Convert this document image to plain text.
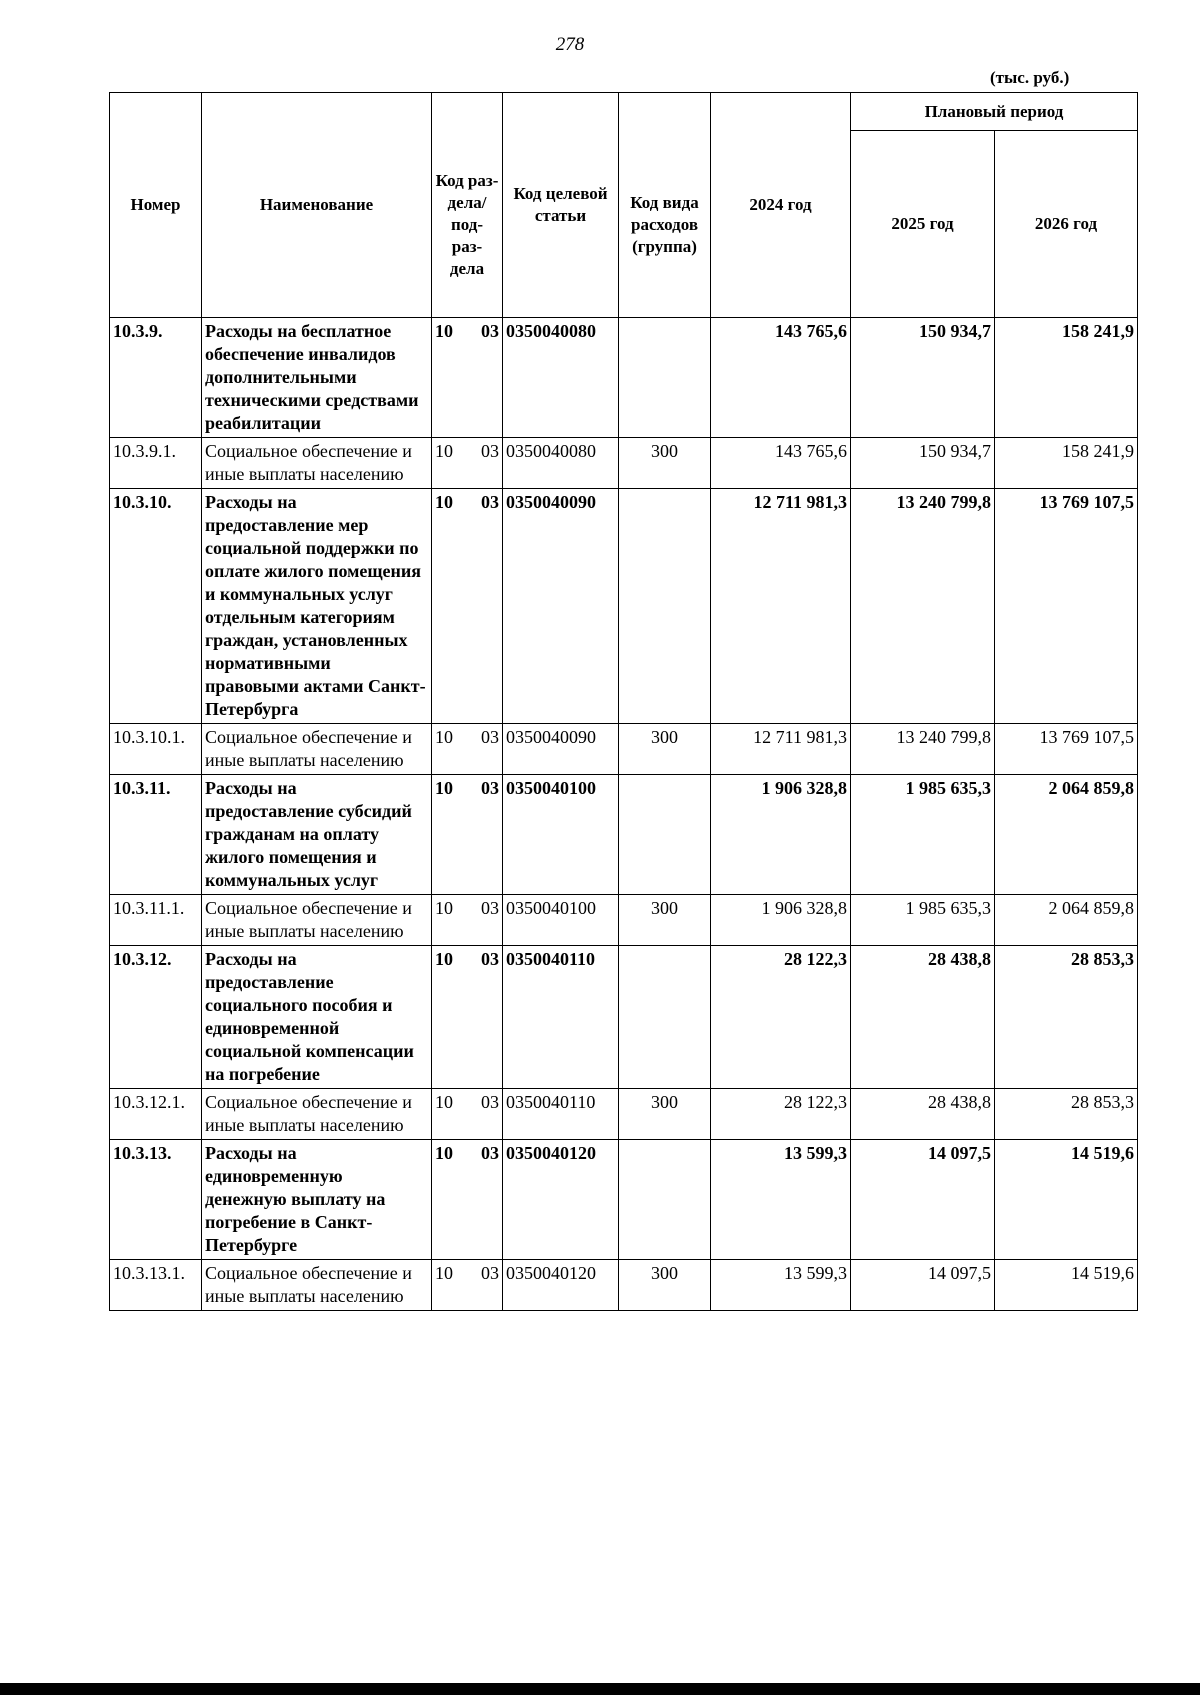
278
(тыс. руб.)
Номер	Наименование	Код раз- дела/ под- раз- дела	Код целевой статьи	Код вида расходов (группа)	2024 год	Плановый период	
						2025 год	2026 год
10.3.9.	Расходы на бесплатное обеспечение инвалидов дополнительными техническими средствами реабилитации	10 03	0350040080		143 765,6	150 934,7	158 241,9
10.3.9.1.	Социальное обеспечение и иные выплаты населению	10 03	0350040080	300	143 765,6	150 934,7	158 241,9
10.3.10.	Расходы на предоставление мер социальной поддержки по оплате жилого помещения и коммунальных услуг отдельным категориям граждан, установленных нормативными правовыми актами Санкт-Петербурга	10 03	0350040090		12 711 981,3	13 240 799,8	13 769 107,5
10.3.10.1.	Социальное обеспечение и иные выплаты населению	10 03	0350040090	300	12 711 981,3	13 240 799,8	13 769 107,5
10.3.11.	Расходы на предоставление субсидий гражданам на оплату жилого помещения и коммунальных услуг	10 03	0350040100		1 906 328,8	1 985 635,3	2 064 859,8
10.3.11.1.	Социальное обеспечение и иные выплаты населению	10 03	0350040100	300	1 906 328,8	1 985 635,3	2 064 859,8
10.3.12.	Расходы на предоставление социального пособия и единовременной социальной компенсации на погребение	10 03	0350040110		28 122,3	28 438,8	28 853,3
10.3.12.1.	Социальное обеспечение и иные выплаты населению	10 03	0350040110	300	28 122,3	28 438,8	28 853,3
10.3.13.	Расходы на единовременную денежную выплату на погребение в Санкт-Петербурге	10 03	0350040120		13 599,3	14 097,5	14 519,6
10.3.13.1.	Социальное обеспечение и иные выплаты населению	10 03	0350040120	300	13 599,3	14 097,5	14 519,6
